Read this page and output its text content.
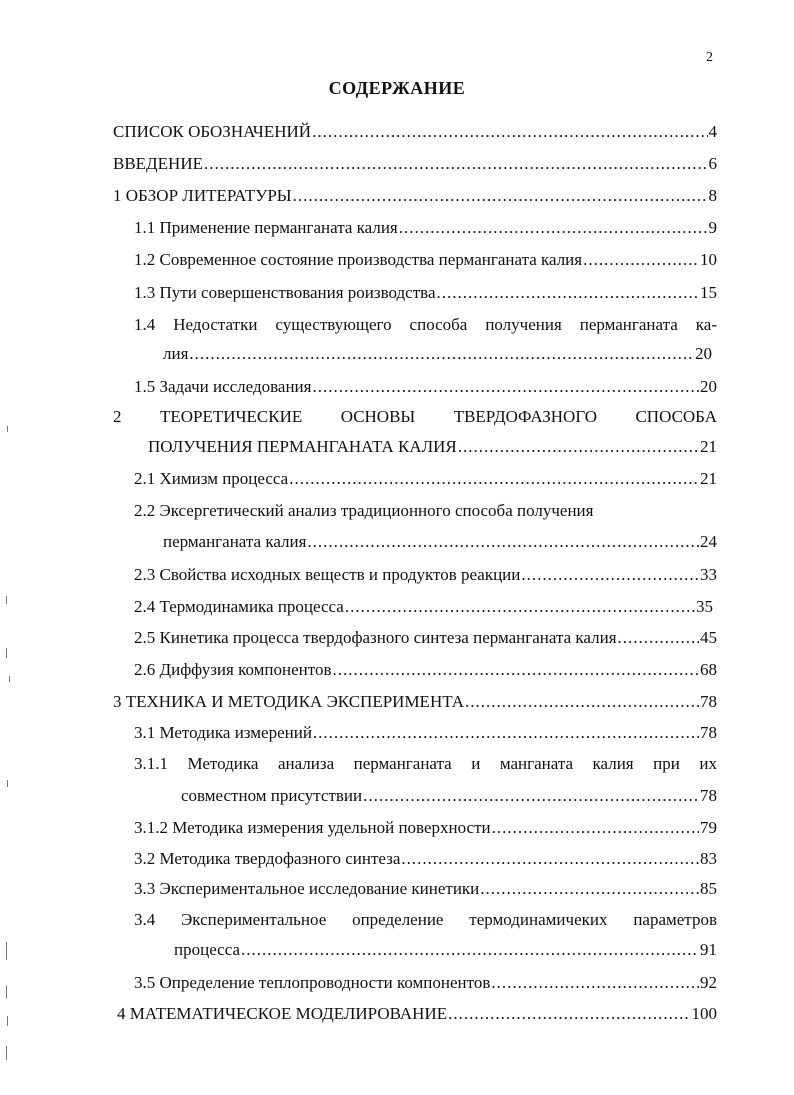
2
СОДЕРЖАНИЕ
СПИСОК ОБОЗНАЧЕНИЙ .....	4
ВВЕДЕНИЕ .....	6
1 ОБЗОР ЛИТЕРАТУРЫ .....	8
1.1 Применение перманганата калия .....	9
1.2 Современное состояние производства перманганата калия .....	10
1.3 Пути совершенствования роизводства .....	15
1.4 Недостатки существующего способа получения перманганата ка-
лия .....	20
1.5 Задачи исследования .....	20
2 ТЕОРЕТИЧЕСКИЕ ОСНОВЫ ТВЕРДОФАЗНОГО СПОСОБА
ПОЛУЧЕНИЯ ПЕРМАНГАНАТА КАЛИЯ .....	21
2.1 Химизм процесса .....	21
2.2 Эксергетический анализ традиционного способа получения
перманганата калия .....	24
2.3 Свойства исходных веществ и продуктов реакции .....	33
2.4 Термодинамика процесса .....	35
2.5 Кинетика процесса твердофазного синтеза перманганата калия .....	45
2.6 Диффузия компонентов .....	68
3 ТЕХНИКА И МЕТОДИКА ЭКСПЕРИМЕНТА .....	78
3.1 Методика измерений .....	78
3.1.1 Методика анализа перманганата и манганата калия при их
совместном присутствии .....	78
3.1.2 Методика измерения удельной поверхности .....	79
3.2 Методика твердофазного синтеза .....	83
3.3 Экспериментальное исследование кинетики .....	85
3.4 Экспериментальное определение термодинамичеких параметров
процесса .....	91
3.5 Определение теплопроводности компонентов .....	92
4 МАТЕМАТИЧЕСКОЕ МОДЕЛИРОВАНИЕ .....	100
